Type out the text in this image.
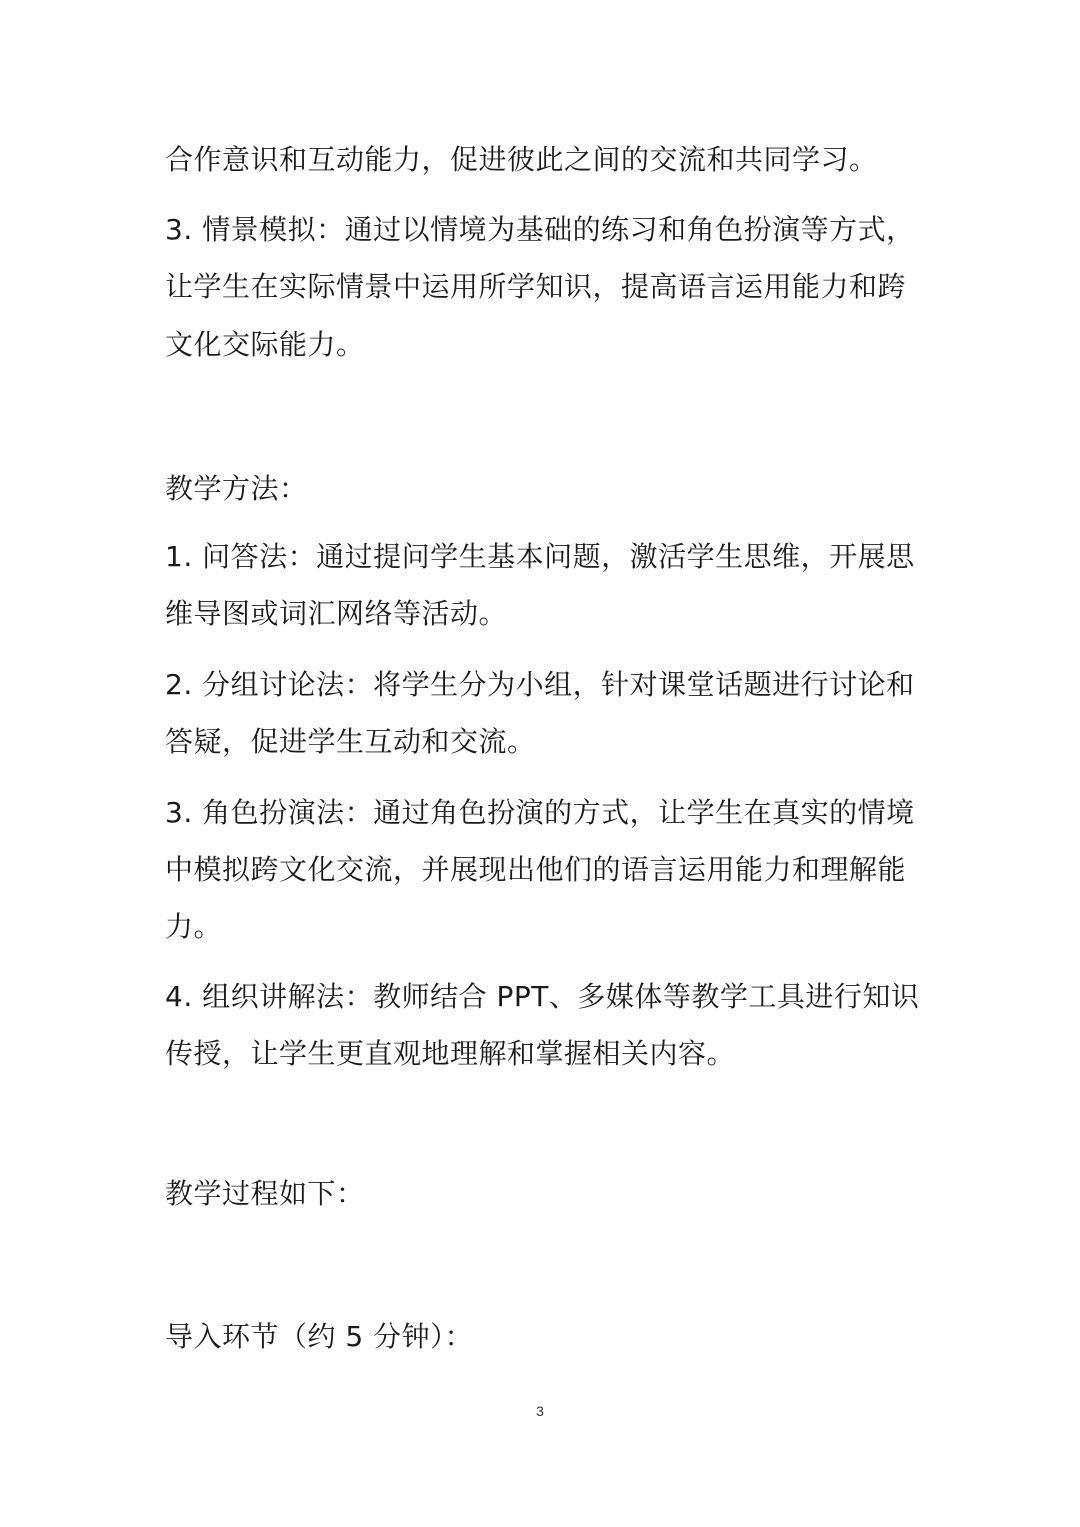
合作意识和互动能力，促进彼此之间的交流和共同学习。
3. 情景模拟：通过以情境为基础的练习和角色扮演等方式，
让学生在实际情景中运用所学知识，提高语言运用能力和跨
文化交际能力。
教学方法：
1. 问答法：通过提问学生基本问题，激活学生思维，开展思
维导图或词汇网络等活动。
2. 分组讨论法：将学生分为小组，针对课堂话题进行讨论和
答疑，促进学生互动和交流。
3. 角色扮演法：通过角色扮演的方式，让学生在真实的情境
中模拟跨文化交流，并展现出他们的语言运用能力和理解能
力。
4. 组织讲解法：教师结合 PPT、多媒体等教学工具进行知识
传授，让学生更直观地理解和掌握相关内容。
教学过程如下：
导入环节（约 5 分钟）：
3
